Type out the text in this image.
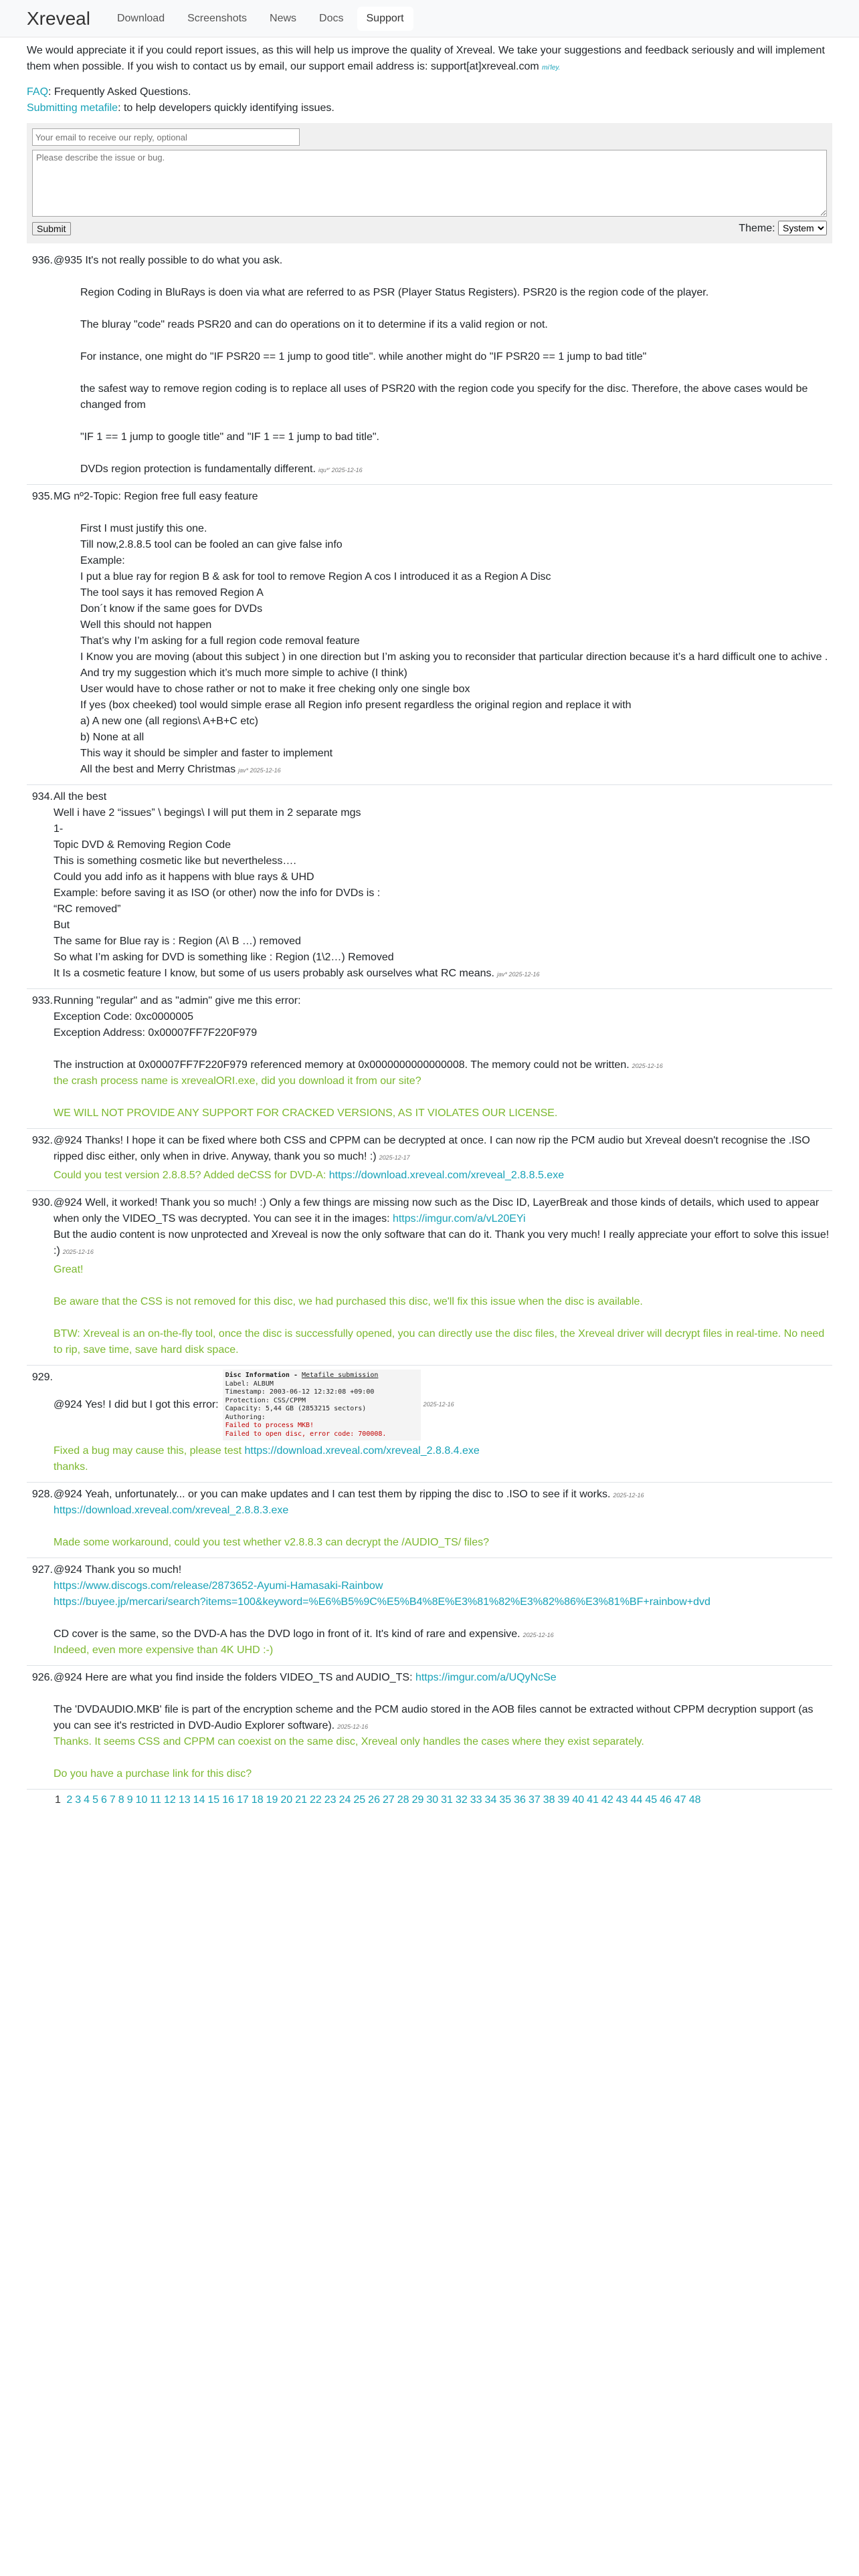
Xreveal	Download	Screenshots	News	Docs	Support

We would appreciate it if you could report issues, as this will help us improve the quality of Xreveal. We take your suggestions and feedback seriously and will implement them when possible. If you wish to contact us by email, our support email address is: support[at]xreveal.com mi'ley.

FAQ: Frequently Asked Questions.
Submitting metafile: to help developers quickly identifying issues.
Your email to receive our reply, optional
Please describe the issue or bug.
Submit	Theme:
System
936. @935 It's not really possible to do what you ask.
Region Coding in BluRays is doen via what are referred to as PSR (Player Status Registers). PSR20 is the region code of the player.
The bluray "code" reads PSR20 and can do operations on it to determine if its a valid region or not.
For instance, one might do "IF PSR20 == 1 jump to good title". while another might do "IF PSR20 == 1 jump to bad title"
the safest way to remove region coding is to replace all uses of PSR20 with the region code you specify for the disc. Therefore, the above cases would be changed from
"IF 1 == 1 jump to google title" and "IF 1 == 1 jump to bad title".
DVDs region protection is fundamentally different. iqu*' 2025-12-16
935. MG nº2-Topic: Region free full easy feature
First I must justify this one.
Till now,2.8.8.5 tool can be fooled an can give false info
Example:
I put a blue ray for region B & ask for tool to remove Region A cos I introduced it as a Region A Disc
The tool says it has removed Region A
Don´t know if the same goes for DVDs
Well this should not happen
That’s why I’m asking for a full region code removal feature
I Know you are moving (about this subject ) in one direction but I’m asking you to reconsider that particular direction because it’s a hard difficult one to achive . And try my suggestion which it’s much more simple to achive (I think)
User would have to chose rather or not to make it free cheking only one single box
If yes (box cheeked) tool would simple erase all Region info present regardless the original region and replace it with
a) A new one (all regions\ A+B+C etc)
b) None at all
This way it should be simpler and faster to implement
All the best and Merry Christmas jav* 2025-12-16
934. All the best
Well i have 2 “issues” \ begings\ I will put them in 2 separate mgs
1-
Topic DVD & Removing Region Code
This is something cosmetic like but nevertheless….
Could you add info as it happens with blue rays & UHD
Example: before saving it as ISO (or other) now the info for DVDs is :
“RC removed”
But
The same for Blue ray is : Region (A\ B …) removed
So what I’m asking for DVD is something like : Region (1\2…) Removed
It Is a cosmetic feature I know, but some of us users probably ask ourselves what RC means. jav* 2025-12-16
933. Running "regular" and as "admin" give me this error:
Exception Code: 0xc0000005
Exception Address: 0x00007FF7F220F979
The instruction at 0x00007FF7F220F979 referenced memory at 0x0000000000000008. The memory could not be written. 2025-12-16
the crash process name is xrevealORI.exe, did you download it from our site?
WE WILL NOT PROVIDE ANY SUPPORT FOR CRACKED VERSIONS, AS IT VIOLATES OUR LICENSE.
932. @924 Thanks! I hope it can be fixed where both CSS and CPPM can be decrypted at once. I can now rip the PCM audio but Xreveal doesn't recognise the .ISO ripped disc either, only when in drive. Anyway, thank you so much! :) 2025-12-17
Could you test version 2.8.8.5? Added deCSS for DVD-A: https://download.xreveal.com/xreveal_2.8.8.5.exe
930. @924 Well, it worked! Thank you so much! :) Only a few things are missing now such as the Disc ID, LayerBreak and those kinds of details, which used to appear when only the VIDEO_TS was decrypted. You can see it in the images: https://imgur.com/a/vL20EYi
But the audio content is now unprotected and Xreveal is now the only software that can do it. Thank you very much! I really appreciate your effort to solve this issue! :) 2025-12-16
Great!
Be aware that the CSS is not removed for this disc, we had purchased this disc, we'll fix this issue when the disc is available.
BTW: Xreveal is an on-the-fly tool, once the disc is successfully opened, you can directly use the disc files, the Xreveal driver will decrypt files in real-time. No need to rip, save time, save hard disk space.
929.
@924 Yes! I did but I got this error:
Disc Information - Metafile submission
Label: ALBUM
Timestamp: 2003-06-12 12:32:08 +09:00
Protection: CSS/CPPM
Capacity: 5,44 GB (2853215 sectors)
Authoring:
Failed to process MKB!
Failed to open disc, error code: 700008.
2025-12-16
Fixed a bug may cause this, please test https://download.xreveal.com/xreveal_2.8.8.4.exe
thanks.
928. @924 Yeah, unfortunately... or you can make updates and I can test them by ripping the disc to .ISO to see if it works. 2025-12-16
https://download.xreveal.com/xreveal_2.8.8.3.exe
Made some workaround, could you test whether v2.8.8.3 can decrypt the /AUDIO_TS/ files?
927. @924 Thank you so much!
https://www.discogs.com/release/2873652-Ayumi-Hamasaki-Rainbow
https://buyee.jp/mercari/search?items=100&keyword=%E6%B5%9C%E5%B4%8E%E3%81%82%E3%82%86%E3%81%BF+rainbow+dvd
CD cover is the same, so the DVD-A has the DVD logo in front of it. It's kind of rare and expensive. 2025-12-16
Indeed, even more expensive than 4K UHD :-)
926. @924 Here are what you find inside the folders VIDEO_TS and AUDIO_TS: https://imgur.com/a/UQyNcSe
The 'DVDAUDIO.MKB' file is part of the encryption scheme and the PCM audio stored in the AOB files cannot be extracted without CPPM decryption support (as you can see it's restricted in DVD-Audio Explorer software). 2025-12-16
Thanks. It seems CSS and CPPM can coexist on the same disc, Xreveal only handles the cases where they exist separately.
Do you have a purchase link for this disc?
1 2 3 4 5 6 7 8 9 10 11 12 13 14 15 16 17 18 19 20 21 22 23 24 25 26 27 28 29 30 31 32 33 34 35 36 37 38 39 40 41 42 43 44 45 46 47 48
